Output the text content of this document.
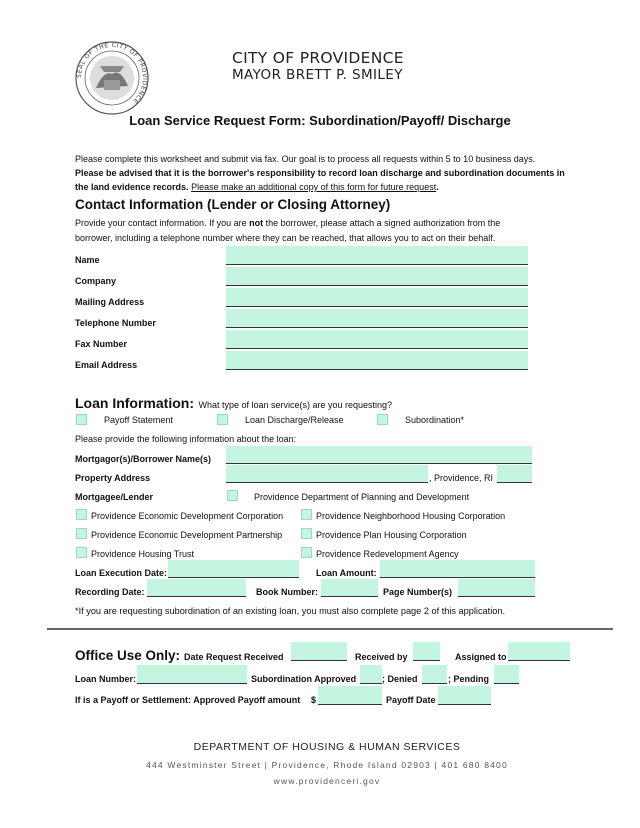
SEAL OF THE CITY OF PROVIDENCE
CITY OF PROVIDENCE
MAYOR BRETT P. SMILEY
Loan Service Request Form: Subordination/Payoff/ Discharge
Please complete this worksheet and submit via fax. Our goal is to process all requests within 5 to 10 business days.
Please be advised that it is the borrower's responsibility to record loan discharge and subordination documents in
the land evidence records. Please make an additional copy of this form for future request.
Contact Information (Lender or Closing Attorney)
Provide your contact information. If you are not the borrower, please attach a signed authorization from the
borrower, including a telephone number where they can be reached, that allows you to act on their behalf.
Name
Company
Mailing Address
Telephone Number
Fax Number
Email Address
Loan Information: What type of loan service(s) are you requesting?
Payoff Statement	Loan Discharge/Release	Subordination*
Please provide the following information about the loan:
Mortgagor(s)/Borrower Name(s)
Property Address	, Providence, RI
Mortgagee/Lender	Providence Department of Planning and Development
Providence Economic Development Corporation	Providence Neighborhood Housing Corporation
Providence Economic Development Partnership	Providence Plan Housing Corporation
Providence Housing Trust	Providence Redevelopment Agency
Loan Execution Date:	Loan Amount:
Recording Date:	Book Number:	Page Number(s)
*If you are requesting subordination of an existing loan, you must also complete page 2 of this application.
Office Use Only: Date Request Received	Received by	Assigned to
Loan Number:	Subordination Approved	; Denied	; Pending
If is a Payoff or Settlement: Approved Payoff amount $	Payoff Date
DEPARTMENT OF HOUSING & HUMAN SERVICES
444 Westminster Street | Providence, Rhode Island 02903 | 401 680 8400
www.providenceri.gov
